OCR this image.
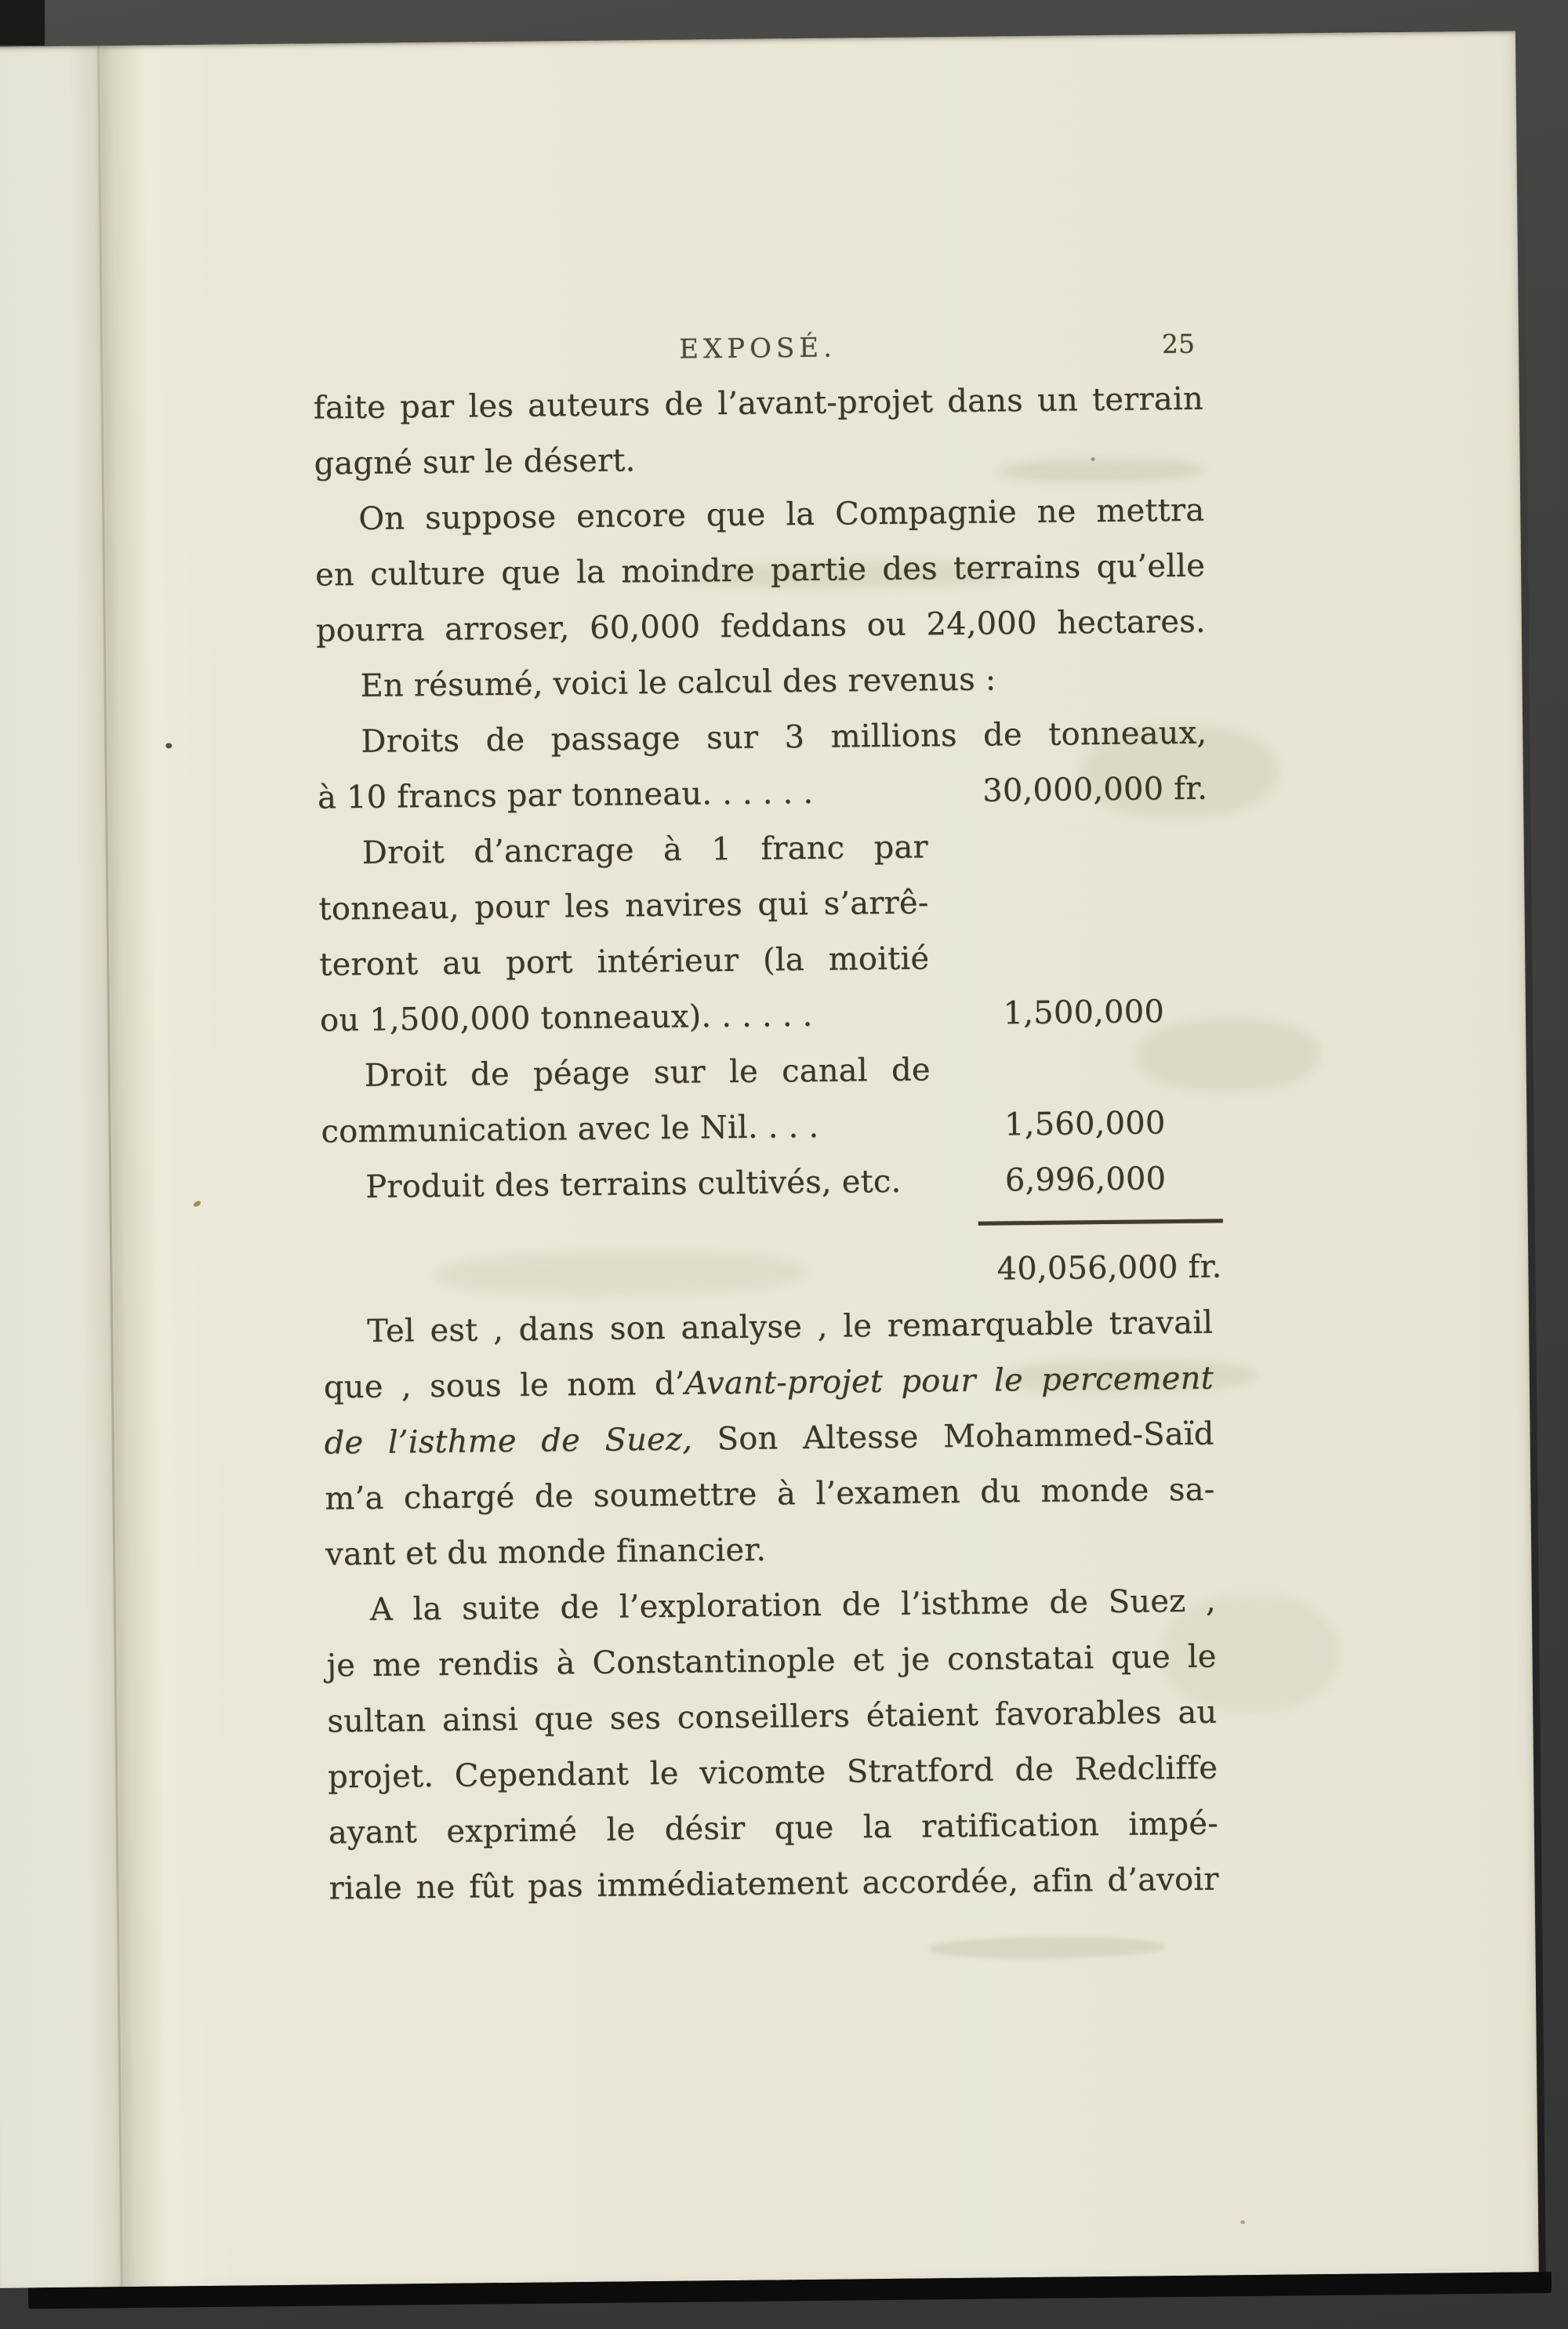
EXPOSÉ.	25
faite par les auteurs de l’avant-projet dans un terrain
gagné sur le désert.
On suppose encore que la Compagnie ne mettra
en culture que la moindre partie des terrains qu’elle
pourra arroser, 60,000 feddans ou 24,000 hectares.
En résumé, voici le calcul des revenus :
Droits de passage sur 3 millions de tonneaux,
à 10 francs par tonneau. . . . . .	30,000,000 fr.
Droit d’ancrage à 1 franc par
tonneau, pour les navires qui s’arrê-
teront au port intérieur (la moitié
ou 1,500,000 tonneaux). . . . . .	1,500,000
Droit de péage sur le canal de
communication avec le Nil. . . .	1,560,000
Produit des terrains cultivés, etc.	6,996,000
40,056,000 fr.
Tel est , dans son analyse , le remarquable travail
que , sous le nom d’Avant-projet pour le percement
de l’isthme de Suez, Son Altesse Mohammed-Saïd
m’a chargé de soumettre à l’examen du monde sa-
vant et du monde financier.
A la suite de l’exploration de l’isthme de Suez ,
je me rendis à Constantinople et je constatai que le
sultan ainsi que ses conseillers étaient favorables au
projet. Cependant le vicomte Stratford de Redcliffe
ayant exprimé le désir que la ratification impé-
riale ne fût pas immédiatement accordée, afin d’avoir
